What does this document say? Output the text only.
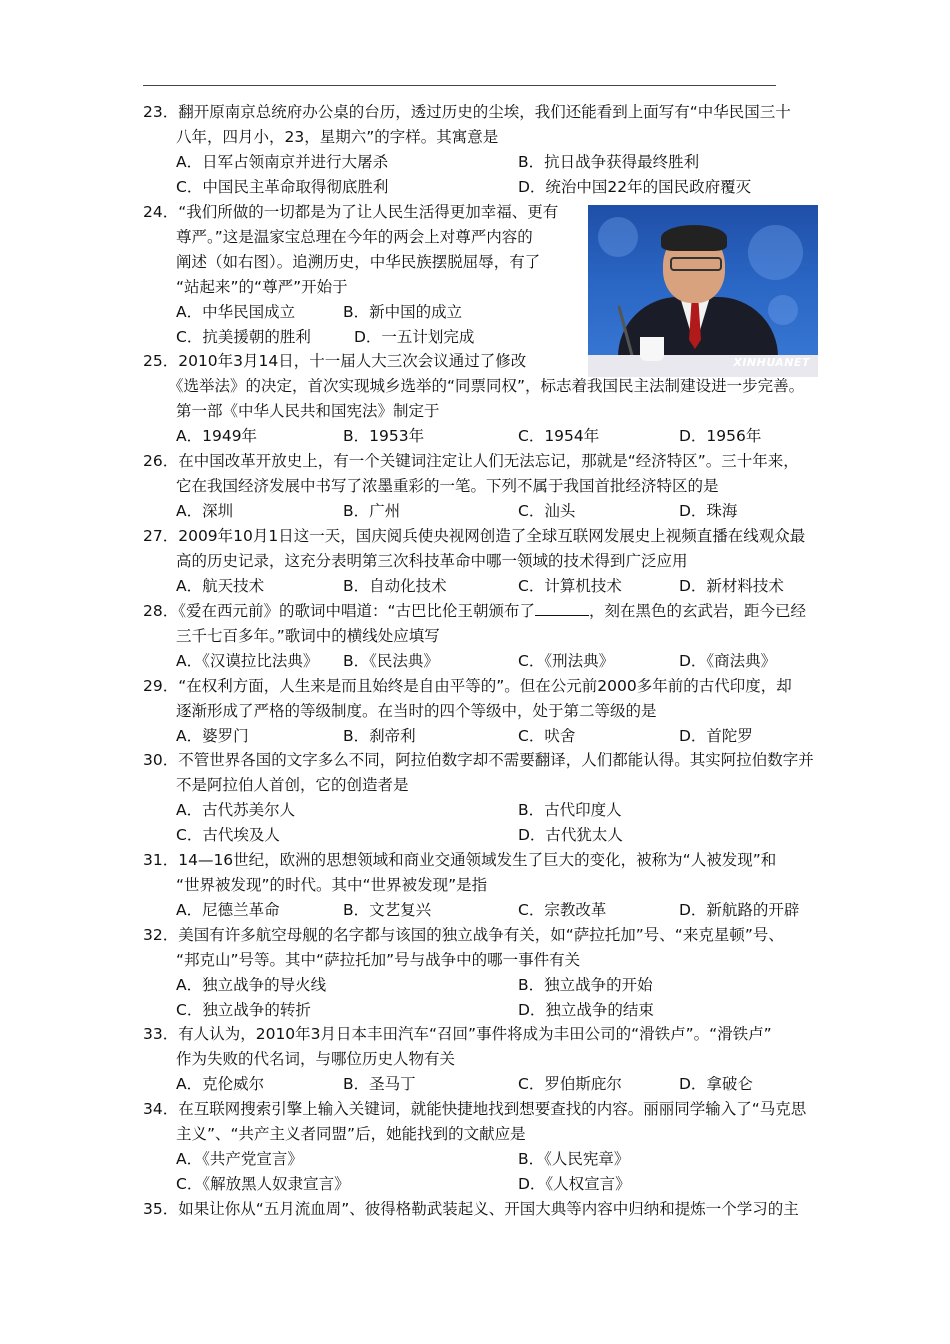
23．翻开原南京总统府办公桌的台历，透过历史的尘埃，我们还能看到上面写有“中华民国三十
八年，四月小，23，星期六”的字样。其寓意是
A．日军占领南京并进行大屠杀	B．抗日战争获得最终胜利
C．中国民主革命取得彻底胜利	D．统治中国22年的国民政府覆灭
24．“我们所做的一切都是为了让人民生活得更加幸福、更有
尊严。”这是温家宝总理在今年的两会上对尊严内容的
阐述（如右图）。追溯历史，中华民族摆脱屈辱，有了
“站起来”的“尊严”开始于
A．中华民国成立	B．新中国的成立
C．抗美援朝的胜利	D．一五计划完成
XINHUANET
25．2010年3月14日，十一届人大三次会议通过了修改
《选举法》的决定，首次实现城乡选举的“同票同权”，标志着我国民主法制建设进一步完善。
第一部《中华人民共和国宪法》制定于
A．1949年	B．1953年	C．1954年	D．1956年
26．在中国改革开放史上，有一个关键词注定让人们无法忘记，那就是“经济特区”。三十年来，
它在我国经济发展中书写了浓墨重彩的一笔。下列不属于我国首批经济特区的是
A．深圳	B．广州	C．汕头	D．珠海
27．2009年10月1日这一天，国庆阅兵使央视网创造了全球互联网发展史上视频直播在线观众最
高的历史记录，这充分表明第三次科技革命中哪一领域的技术得到广泛应用
A．航天技术	B．自动化技术	C．计算机技术	D．新材料技术
28．《爱在西元前》的歌词中唱道：“古巴比伦王朝颁布了	，刻在黑色的玄武岩，距今已经
三千七百多年。”歌词中的横线处应填写
A．《汉谟拉比法典》 B．《民法典》	C．《刑法典》	D．《商法典》
29．“在权利方面，人生来是而且始终是自由平等的”。但在公元前2000多年前的古代印度，却
逐渐形成了严格的等级制度。在当时的四个等级中，处于第二等级的是
A．婆罗门	B．刹帝利	C．吠舍	D．首陀罗
30．不管世界各国的文字多么不同，阿拉伯数字却不需要翻译，人们都能认得。其实阿拉伯数字并
不是阿拉伯人首创，它的创造者是
A．古代苏美尔人	B．古代印度人
C．古代埃及人	D．古代犹太人
31．14—16世纪，欧洲的思想领域和商业交通领域发生了巨大的变化，被称为“人被发现”和
“世界被发现”的时代。其中“世界被发现”是指
A．尼德兰革命	B．文艺复兴	C．宗教改革	D．新航路的开辟
32．美国有许多航空母舰的名字都与该国的独立战争有关，如“萨拉托加”号、“来克星顿”号、
“邦克山”号等。其中“萨拉托加”号与战争中的哪一事件有关
A．独立战争的导火线	B．独立战争的开始
C．独立战争的转折	D．独立战争的结束
33．有人认为，2010年3月日本丰田汽车“召回”事件将成为丰田公司的“滑铁卢”。“滑铁卢”
作为失败的代名词，与哪位历史人物有关
A．克伦威尔	B．圣马丁	C．罗伯斯庇尔	D．拿破仑
34．在互联网搜索引擎上输入关键词，就能快捷地找到想要查找的内容。丽丽同学输入了“马克思
主义”、“共产主义者同盟”后，她能找到的文献应是
A．《共产党宣言》	B．《人民宪章》
C．《解放黑人奴隶宣言》	D．《人权宣言》
35．如果让你从“五月流血周”、彼得格勒武装起义、开国大典等内容中归纳和提炼一个学习的主
